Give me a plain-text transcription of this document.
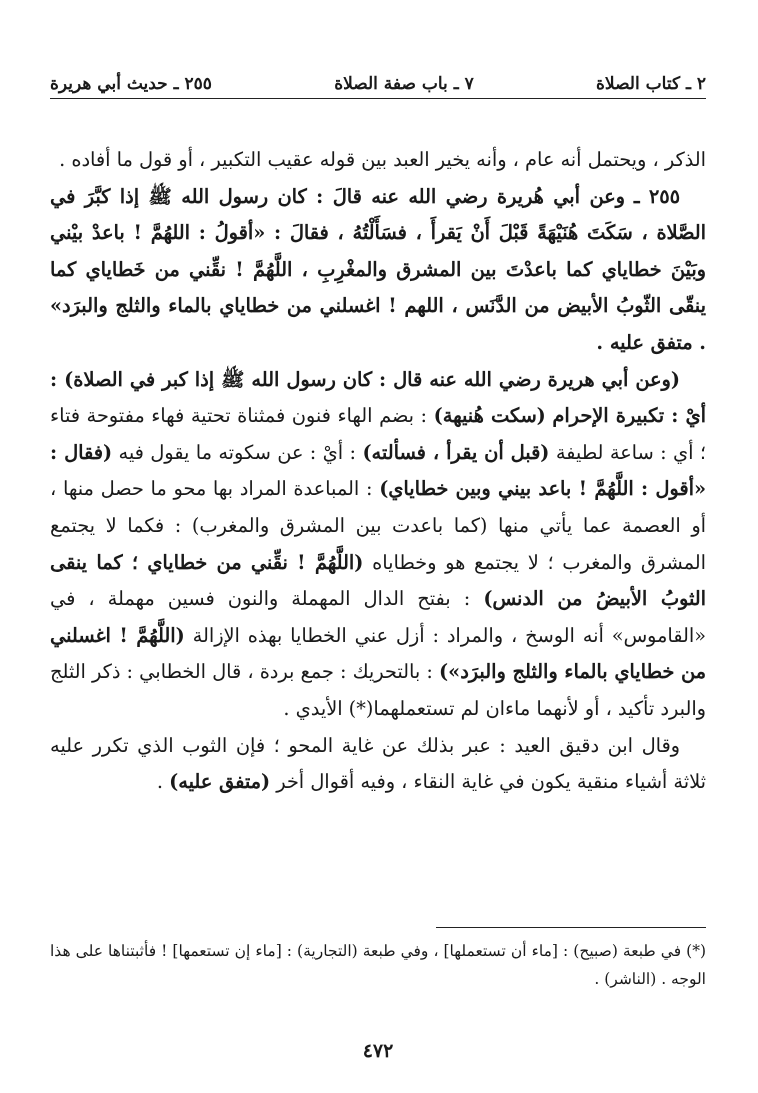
٢ ـ كتاب الصلاة
٧ ـ باب صفة الصلاة
٢٥٥ ـ حديث أبي هريرة

الذكر ، ويحتمل أنه عام ، وأنه يخير العبد بين قوله عقيب التكبير ، أو قول ما أفاده .

٢٥٥ ـ وعن أبي هُريرة رضي الله عنه قالَ : كان رسول الله ﷺ إذا كبَّرَ في الصَّلاة ، سَكَتَ هُنَيْهَةً قَبْلَ أَنْ يَقرأَ ، فسَأَلْتُهُ ، فقالَ : «أقولُ : اللهُمَّ ! باعدْ بيْني وبَيْنَ خطاياي كما باعدْتَ بين المشرق والمغْرِبِ ، اللَّهُمَّ ! نقِّني من خَطاياي كما ينقّى الثّوبُ الأبيض من الدَّنَس ، اللهم ! اغسلني من خطاياي بالماء والثلج والبرَد» . متفق عليه .

(وعن أبي هريرة رضي الله عنه قال : كان رسول الله ﷺ إذا كبر في الصلاة) : أيْ : تكبيرة الإحرام (سكت هُنيهة) : بضم الهاء فنون فمثناة تحتية فهاء مفتوحة فتاء ؛ أي : ساعة لطيفة (قبل أن يقرأ ، فسألته) : أيْ : عن سكوته ما يقول فيه (فقال : «أقول : اللَّهُمَّ ! باعد بيني وبين خطاياي) : المباعدة المراد بها محو ما حصل منها ، أو العصمة عما يأتي منها (كما باعدت بين المشرق والمغرب) : فكما لا يجتمع المشرق والمغرب ؛ لا يجتمع هو وخطاياه (اللَّهُمَّ ! نقِّني من خطاياي ؛ كما ينقى الثوبُ الأبيضُ من الدنس) : بفتح الدال المهملة والنون فسين مهملة ، في «القاموس» أنه الوسخ ، والمراد : أزل عني الخطايا بهذه الإزالة (اللَّهُمَّ ! اغسلني من خطاياي بالماء والثلج والبرَد») : بالتحريك : جمع بردة ، قال الخطابي : ذكر الثلج والبرد تأكيد ، أو لأنهما ماءان لم تستعملهما(*) الأيدي .

وقال ابن دقيق العيد : عبر بذلك عن غاية المحو ؛ فإن الثوب الذي تكرر عليه ثلاثة أشياء منقية يكون في غاية النقاء ، وفيه أقوال أخر (متفق عليه) .

(*) في طبعة (صبيح) : [ماء أن تستعملها] ، وفي طبعة (التجارية) : [ماء إن تستعمها] ! فأثبتناها على هذا الوجه . (الناشر) .

٤٧٢
